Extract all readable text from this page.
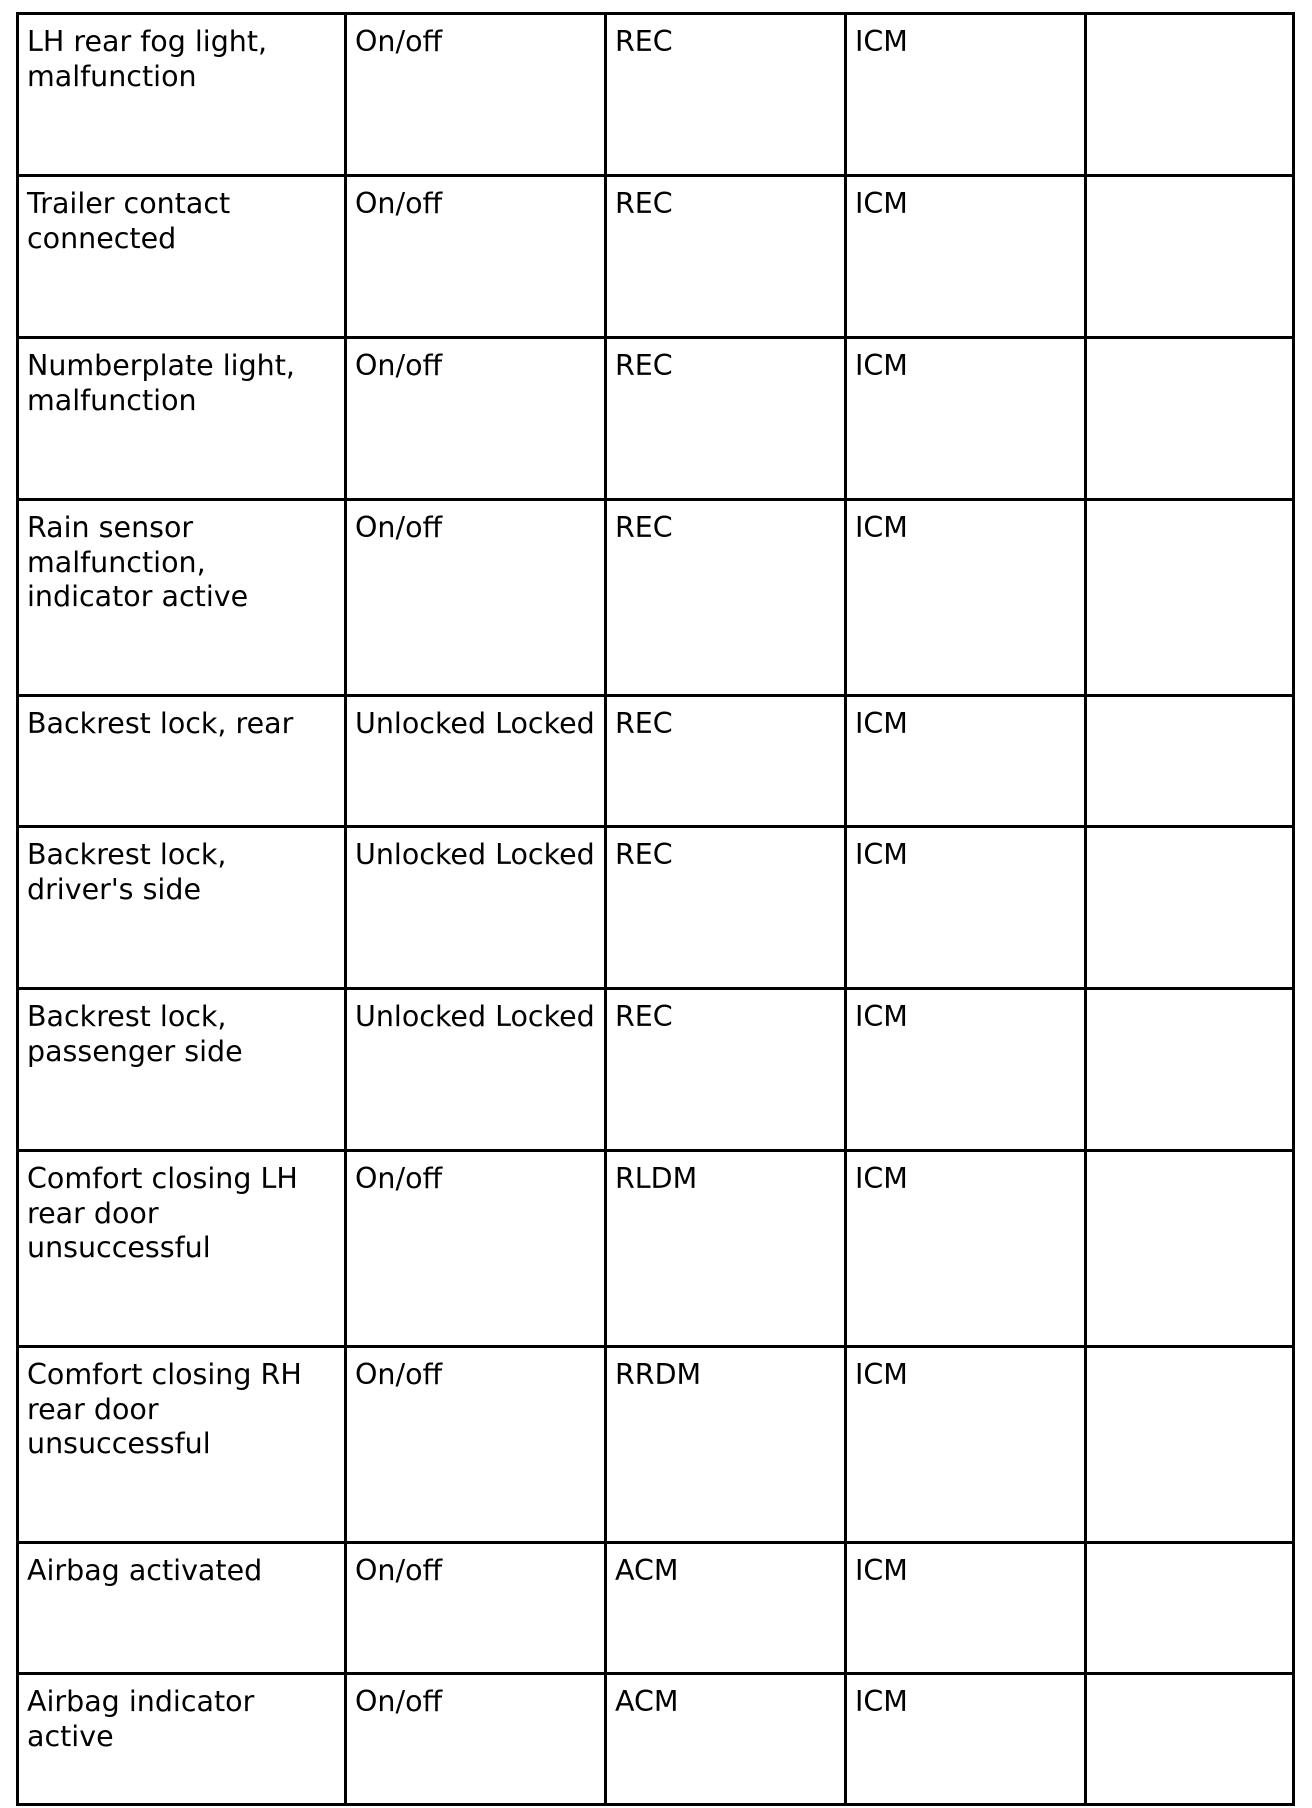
LH rear fog light, malfunction	On/off	REC	ICM	
Trailer contact connected	On/off	REC	ICM	
Numberplate light, malfunction	On/off	REC	ICM	
Rain sensor malfunction, indicator active	On/off	REC	ICM	
Backrest lock, rear	Unlocked Locked	REC	ICM	
Backrest lock, driver's side	Unlocked Locked	REC	ICM	
Backrest lock, passenger side	Unlocked Locked	REC	ICM	
Comfort closing LH rear door unsuccessful	On/off	RLDM	ICM	
Comfort closing RH rear door unsuccessful	On/off	RRDM	ICM	
Airbag activated	On/off	ACM	ICM	
Airbag indicator active	On/off	ACM	ICM	
